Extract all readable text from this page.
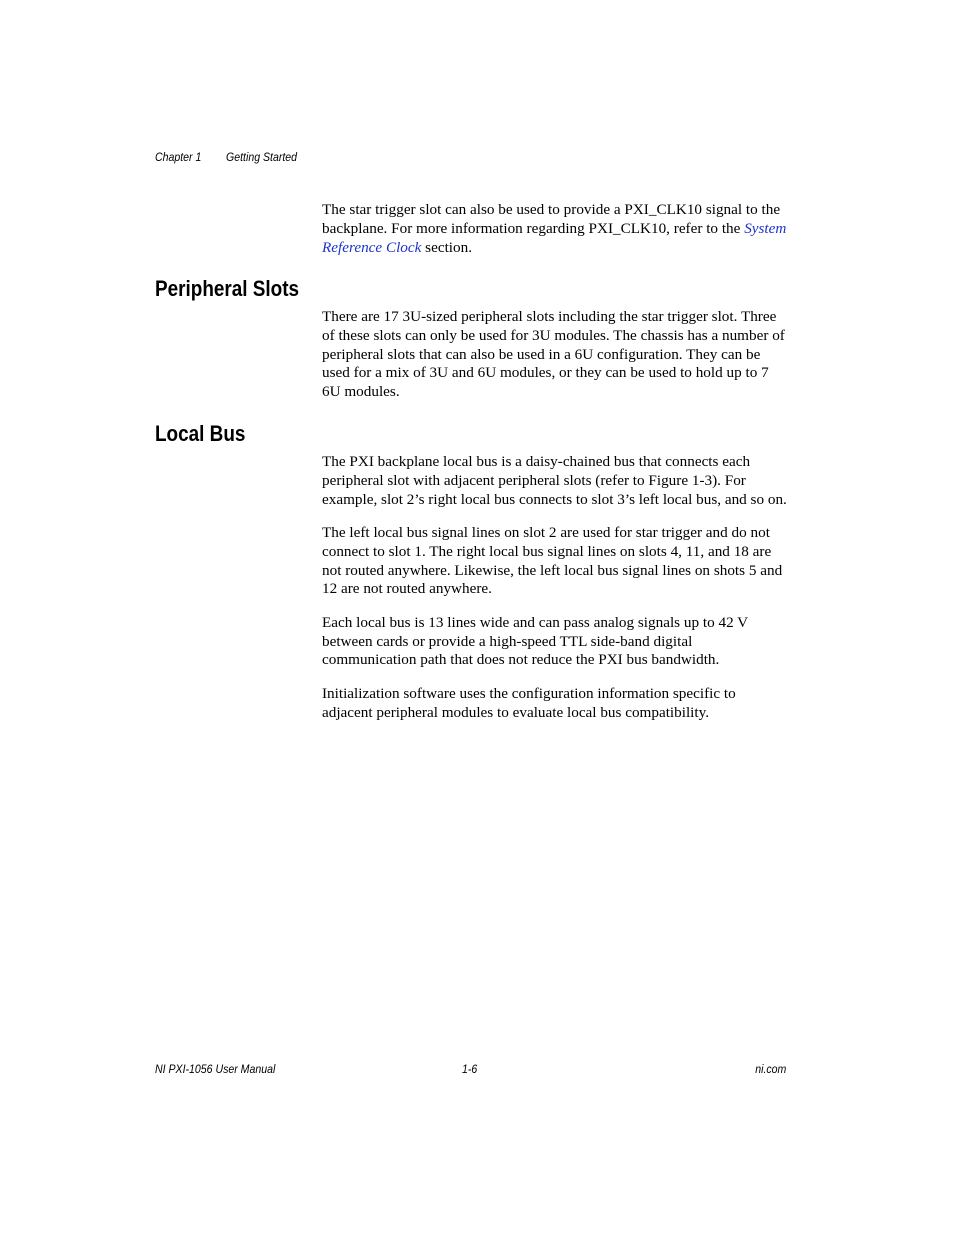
Chapter 1 Getting Started

The star trigger slot can also be used to provide a PXI_CLK10 signal to the backplane. For more information regarding PXI_CLK10, refer to the System Reference Clock section.

Peripheral Slots

There are 17 3U-sized peripheral slots including the star trigger slot. Three of these slots can only be used for 3U modules. The chassis has a number of peripheral slots that can also be used in a 6U configuration. They can be used for a mix of 3U and 6U modules, or they can be used to hold up to 7 6U modules.

Local Bus

The PXI backplane local bus is a daisy-chained bus that connects each peripheral slot with adjacent peripheral slots (refer to Figure 1-3). For example, slot 2’s right local bus connects to slot 3’s left local bus, and so on.

The left local bus signal lines on slot 2 are used for star trigger and do not connect to slot 1. The right local bus signal lines on slots 4, 11, and 18 are not routed anywhere. Likewise, the left local bus signal lines on shots 5 and 12 are not routed anywhere.

Each local bus is 13 lines wide and can pass analog signals up to 42 V between cards or provide a high-speed TTL side-band digital communication path that does not reduce the PXI bus bandwidth.

Initialization software uses the configuration information specific to adjacent peripheral modules to evaluate local bus compatibility.

NI PXI-1056 User Manual	1-6	ni.com
